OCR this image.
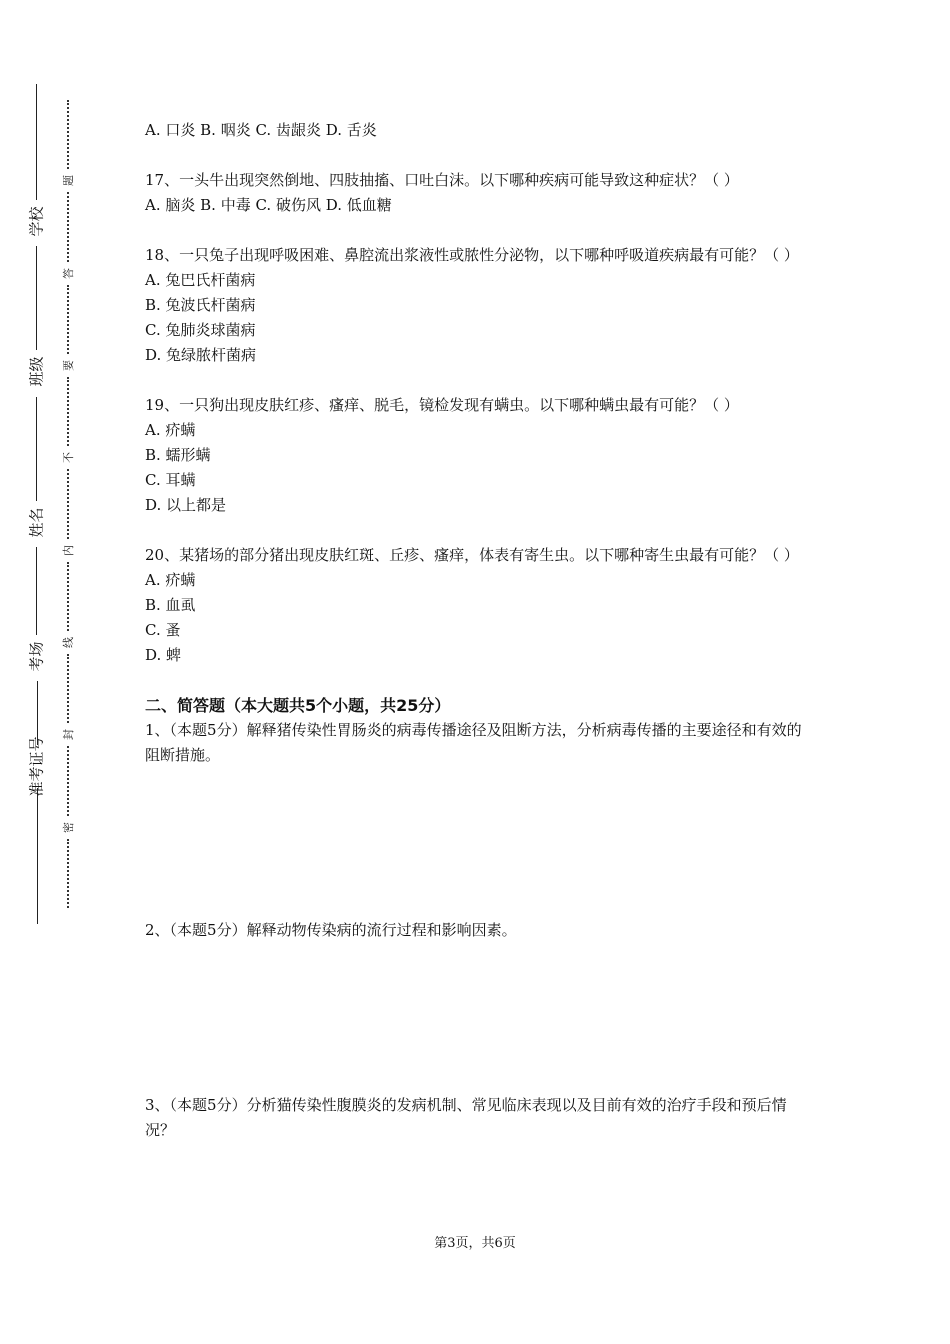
学校
班级
姓名
考场
准考证号
题
答
要
不
内
线
封
密
A. 口炎 B. 咽炎 C. 齿龈炎 D. 舌炎
17、一头牛出现突然倒地、四肢抽搐、口吐白沫。以下哪种疾病可能导致这种症状？（ ）
A. 脑炎 B. 中毒 C. 破伤风 D. 低血糖
18、一只兔子出现呼吸困难、鼻腔流出浆液性或脓性分泌物，以下哪种呼吸道疾病最有可能？（ ）
A. 兔巴氏杆菌病
B. 兔波氏杆菌病
C. 兔肺炎球菌病
D. 兔绿脓杆菌病
19、一只狗出现皮肤红疹、瘙痒、脱毛，镜检发现有螨虫。以下哪种螨虫最有可能？（ ）
A. 疥螨
B. 蠕形螨
C. 耳螨
D. 以上都是
20、某猪场的部分猪出现皮肤红斑、丘疹、瘙痒，体表有寄生虫。以下哪种寄生虫最有可能？（ ）
A. 疥螨
B. 血虱
C. 蚤
D. 蜱
二、简答题（本大题共5个小题，共25分）
1、（本题5分）解释猪传染性胃肠炎的病毒传播途径及阻断方法，分析病毒传播的主要途径和有效的阻断措施。
2、（本题5分）解释动物传染病的流行过程和影响因素。
3、（本题5分）分析猫传染性腹膜炎的发病机制、常见临床表现以及目前有效的治疗手段和预后情况？
第3页，共6页
